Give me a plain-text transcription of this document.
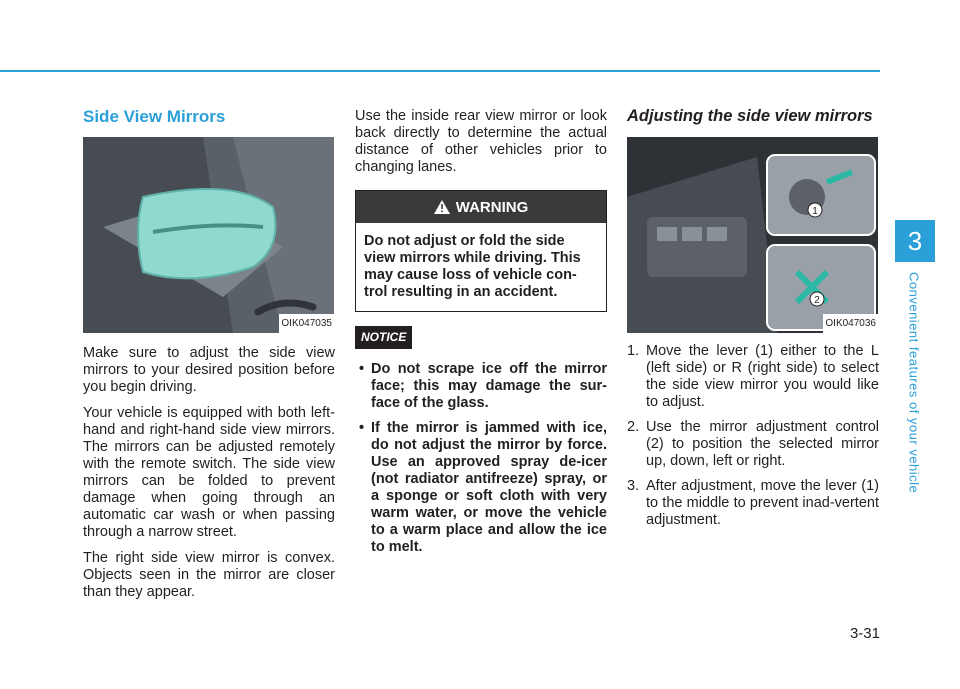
3
Convenient features of your vehicle
Side View Mirrors
OIK047035

Make sure to adjust the side view mirrors to your desired position before you begin driving.

Your vehicle is equipped with both left-hand and right-hand side view mirrors. The mirrors can be adjusted remotely with the remote switch. The side view mirrors can be folded to prevent damage when going through an automatic car wash or when passing through a narrow street.

The right side view mirror is convex. Objects seen in the mirror are closer than they appear.

Use the inside rear view mirror or look back directly to determine the actual distance of other vehicles prior to changing lanes.

WARNING
Do not adjust or fold the side view mirrors while driving. This may cause loss of vehicle con-trol resulting in an accident.
NOTICE
• Do not scrape ice off the mirror face; this may damage the sur-face of the glass.
• If the mirror is jammed with ice, do not adjust the mirror by force. Use an approved spray de-icer (not radiator antifreeze) spray, or a sponge or soft cloth with very warm water, or move the vehicle to a warm place and allow the ice to melt.
Adjusting the side view mirrors
1
2
OIK047036
1. Move the lever (1) either to the L (left side) or R (right side) to select the side view mirror you would like to adjust.
2. Use the mirror adjustment control (2) to position the selected mirror up, down, left or right.
3. After adjustment, move the lever (1) to the middle to prevent inad-vertent adjustment.
3-31
